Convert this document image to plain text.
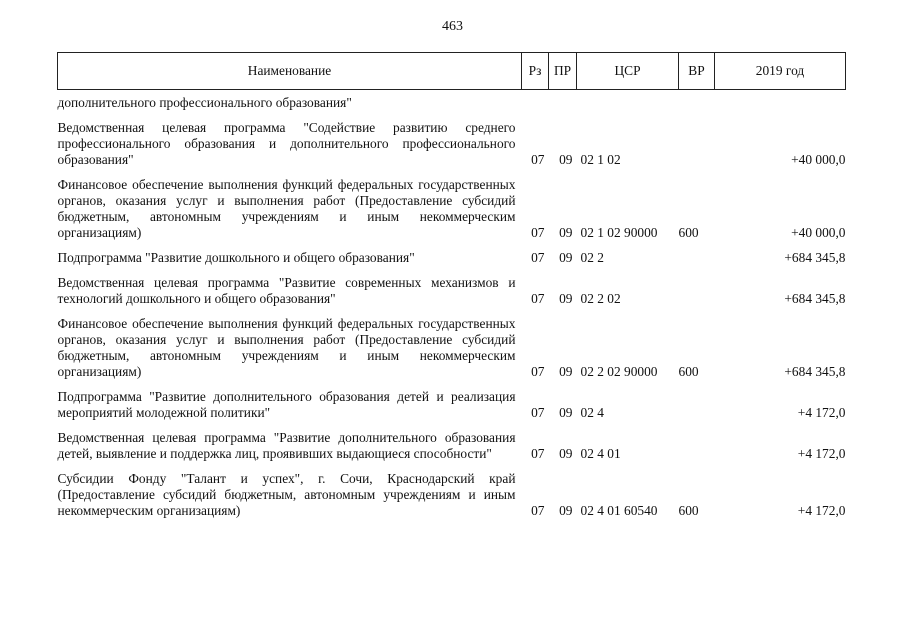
463
Наименование	Рз	ПР	ЦСР	ВР	2019 год
дополнительного профессионального образования"					
Ведомственная целевая программа "Содействие развитию среднего профессионального образования и дополнительного профессионального образования"	07	09	02 1 02		+40 000,0
Финансовое обеспечение выполнения функций федеральных государственных органов, оказания услуг и выполнения работ (Предоставление субсидий бюджетным, автономным учреждениям и иным некоммерческим организациям)	07	09	02 1 02 90000	600	+40 000,0
Подпрограмма "Развитие дошкольного и общего образования"	07	09	02 2		+684 345,8
Ведомственная целевая программа "Развитие современных механизмов и технологий дошкольного и общего образования"	07	09	02 2 02		+684 345,8
Финансовое обеспечение выполнения функций федеральных государственных органов, оказания услуг и выполнения работ (Предоставление субсидий бюджетным, автономным учреждениям и иным некоммерческим организациям)	07	09	02 2 02 90000	600	+684 345,8
Подпрограмма "Развитие дополнительного образования детей и реализация мероприятий молодежной политики"	07	09	02 4		+4 172,0
Ведомственная целевая программа "Развитие дополнительного образования детей, выявление и поддержка лиц, проявивших выдающиеся способности"	07	09	02 4 01		+4 172,0
Субсидии Фонду "Талант и успех", г. Сочи, Краснодарский край (Предоставление субсидий бюджетным, автономным учреждениям и иным некоммерческим организациям)	07	09	02 4 01 60540	600	+4 172,0
